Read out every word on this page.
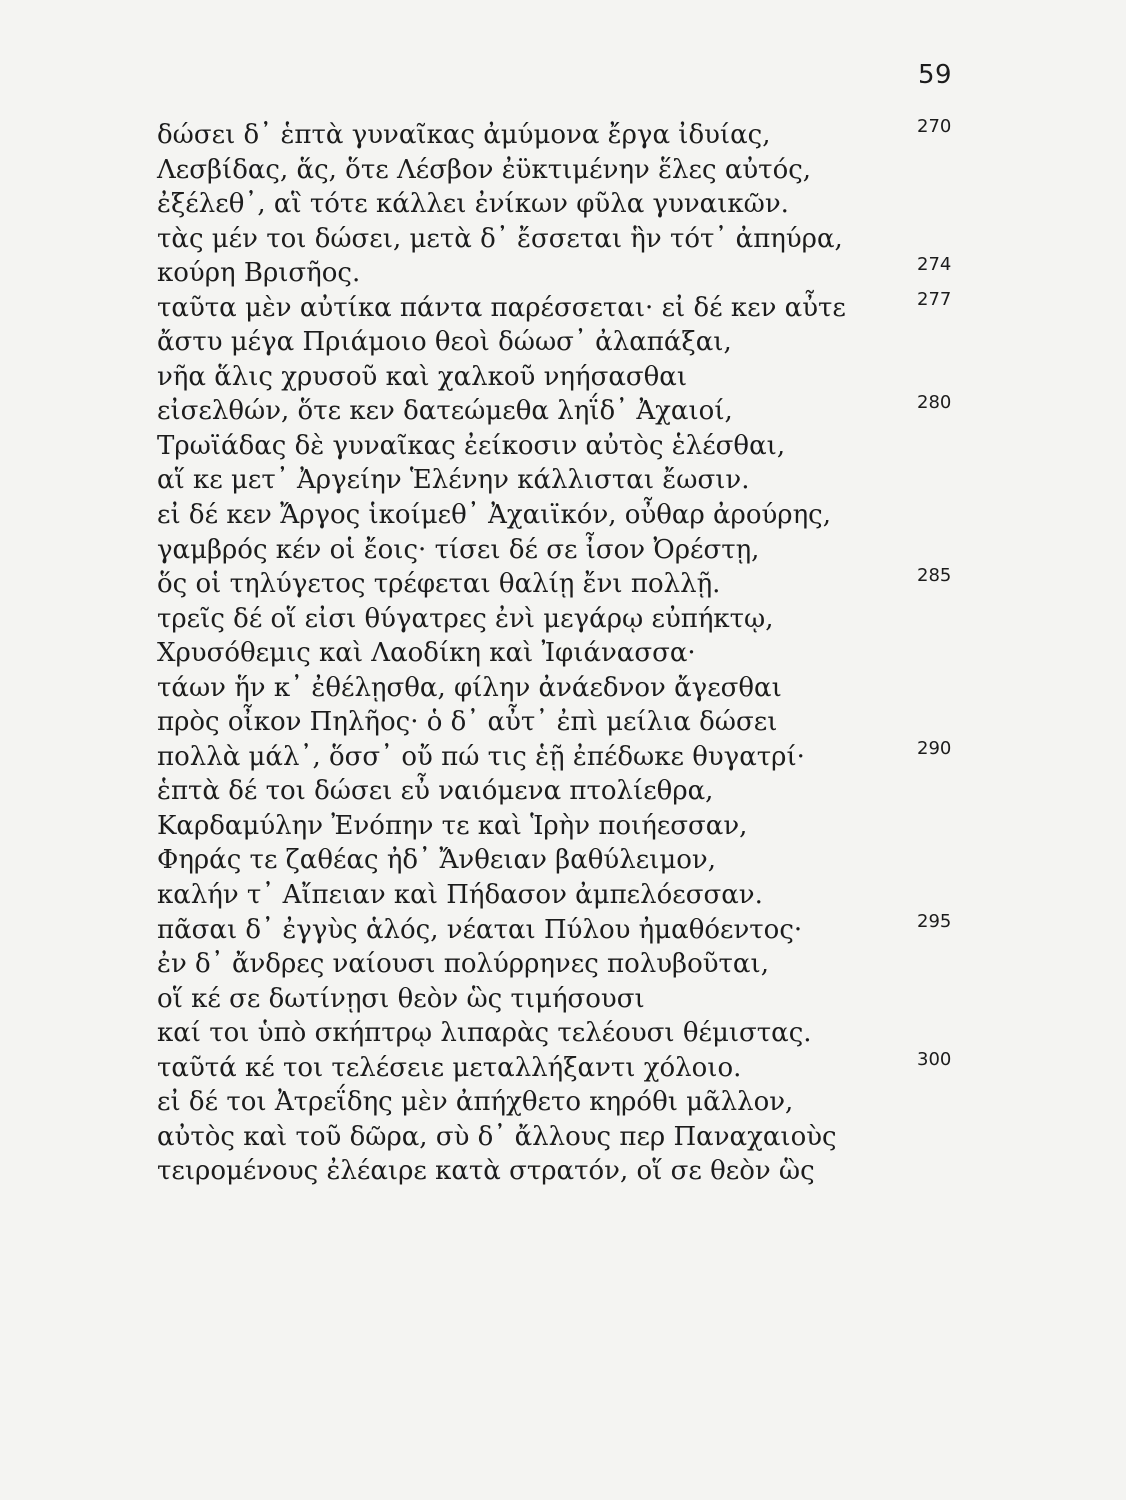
59
δώσει δ᾽ ἑπτὰ γυναῖκας ἀμύμονα ἔργα ἰδυίας,	270
Λεσβίδας, ἅς, ὅτε Λέσβον ἐϋκτιμένην ἕλες αὐτός,
ἐξέλεθ᾽, αἳ τότε κάλλει ἐνίκων φῦλα γυναικῶν.
τὰς μέν τοι δώσει, μετὰ δ᾽ ἔσσεται ἣν τότ᾽ ἀπηύρα,
κούρη Βρισῆος.	274
ταῦτα μὲν αὐτίκα πάντα παρέσσεται· εἰ δέ κεν αὖτε	277
ἄστυ μέγα Πριάμοιο θεοὶ δώωσ᾽ ἀλαπάξαι,
νῆα ἅλις χρυσοῦ καὶ χαλκοῦ νηήσασθαι
εἰσελθών, ὅτε κεν δατεώμεθα ληΐδ᾽ Ἀχαιοί,	280
Τρωϊάδας δὲ γυναῖκας ἐείκοσιν αὐτὸς ἑλέσθαι,
αἵ κε μετ᾽ Ἀργείην Ἑλένην κάλλισται ἔωσιν.
εἰ δέ κεν Ἄργος ἱκοίμεθ᾽ Ἀχαιϊκόν, οὖθαρ ἀρούρης,
γαμβρός κέν οἱ ἔοις· τίσει δέ σε ἶσον Ὀρέστῃ,
ὅς οἱ τηλύγετος τρέφεται θαλίῃ ἔνι πολλῇ.	285
τρεῖς δέ οἵ εἰσι θύγατρες ἐνὶ μεγάρῳ εὐπήκτῳ,
Χρυσόθεμις καὶ Λαοδίκη καὶ Ἰφιάνασσα·
τάων ἥν κ᾽ ἐθέλῃσθα, φίλην ἀνάεδνον ἄγεσθαι
πρὸς οἶκον Πηλῆος· ὁ δ᾽ αὖτ᾽ ἐπὶ μείλια δώσει
πολλὰ μάλ᾽, ὅσσ᾽ οὔ πώ τις ἑῇ ἐπέδωκε θυγατρί·	290
ἑπτὰ δέ τοι δώσει εὖ ναιόμενα πτολίεθρα,
Καρδαμύλην Ἐνόπην τε καὶ Ἱρὴν ποιήεσσαν,
Φηράς τε ζαθέας ἠδ᾽ Ἄνθειαν βαθύλειμον,
καλήν τ᾽ Αἴπειαν καὶ Πήδασον ἀμπελόεσσαν.
πᾶσαι δ᾽ ἐγγὺς ἁλός, νέαται Πύλου ἠμαθόεντος·	295
ἐν δ᾽ ἄνδρες ναίουσι πολύρρηνες πολυβοῦται,
οἵ κέ σε δωτίνῃσι θεὸν ὣς τιμήσουσι
καί τοι ὑπὸ σκήπτρῳ λιπαρὰς τελέουσι θέμιστας.
ταῦτά κέ τοι τελέσειε μεταλλήξαντι χόλοιο.	300
εἰ δέ τοι Ἀτρεΐδης μὲν ἀπήχθετο κηρόθι μᾶλλον,
αὐτὸς καὶ τοῦ δῶρα, σὺ δ᾽ ἄλλους περ Παναχαιοὺς
τειρομένους ἐλέαιρε κατὰ στρατόν, οἵ σε θεὸν ὣς
